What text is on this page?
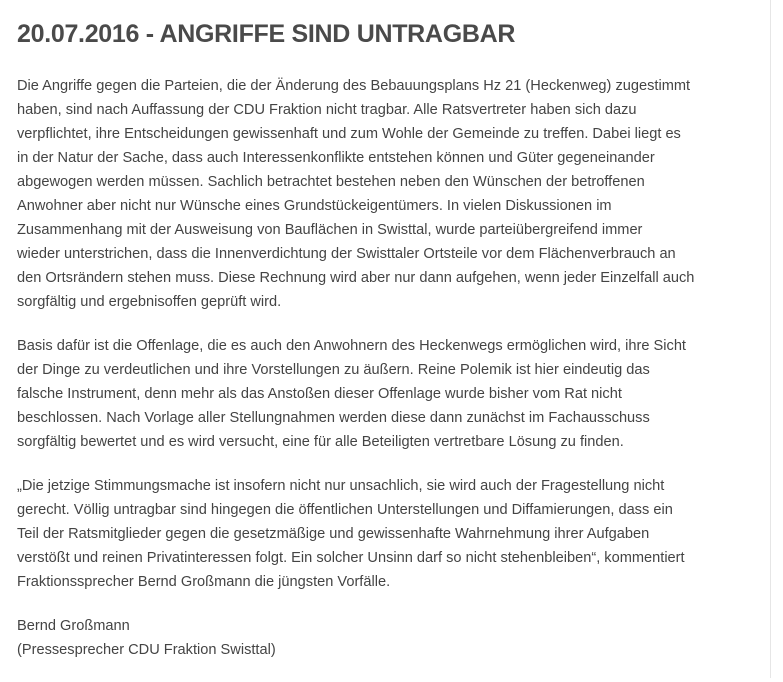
20.07.2016 - ANGRIFFE SIND UNTRAGBAR

Die Angriffe gegen die Parteien, die der Änderung des Bebauungsplans Hz 21 (Heckenweg) zugestimmt
haben, sind nach Auffassung der CDU Fraktion nicht tragbar. Alle Ratsvertreter haben sich dazu
verpflichtet, ihre Entscheidungen gewissenhaft und zum Wohle der Gemeinde zu treffen. Dabei liegt es
in der Natur der Sache, dass auch Interessenkonflikte entstehen können und Güter gegeneinander
abgewogen werden müssen. Sachlich betrachtet bestehen neben den Wünschen der betroffenen
Anwohner aber nicht nur Wünsche eines Grundstückeigentümers. In vielen Diskussionen im
Zusammenhang mit der Ausweisung von Bauflächen in Swisttal, wurde parteiübergreifend immer
wieder unterstrichen, dass die Innenverdichtung der Swisttaler Ortsteile vor dem Flächenverbrauch an
den Ortsrändern stehen muss. Diese Rechnung wird aber nur dann aufgehen, wenn jeder Einzelfall auch
sorgfältig und ergebnisoffen geprüft wird.

Basis dafür ist die Offenlage, die es auch den Anwohnern des Heckenwegs ermöglichen wird, ihre Sicht
der Dinge zu verdeutlichen und ihre Vorstellungen zu äußern. Reine Polemik ist hier eindeutig das
falsche Instrument, denn mehr als das Anstoßen dieser Offenlage wurde bisher vom Rat nicht
beschlossen. Nach Vorlage aller Stellungnahmen werden diese dann zunächst im Fachausschuss
sorgfältig bewertet und es wird versucht, eine für alle Beteiligten vertretbare Lösung zu finden.

„Die jetzige Stimmungsmache ist insofern nicht nur unsachlich, sie wird auch der Fragestellung nicht
gerecht. Völlig untragbar sind hingegen die öffentlichen Unterstellungen und Diffamierungen, dass ein
Teil der Ratsmitglieder gegen die gesetzmäßige und gewissenhafte Wahrnehmung ihrer Aufgaben
verstößt und reinen Privatinteressen folgt. Ein solcher Unsinn darf so nicht stehenbleiben“, kommentiert
Fraktionssprecher Bernd Großmann die jüngsten Vorfälle.

Bernd Großmann
(Pressesprecher CDU Fraktion Swisttal)
